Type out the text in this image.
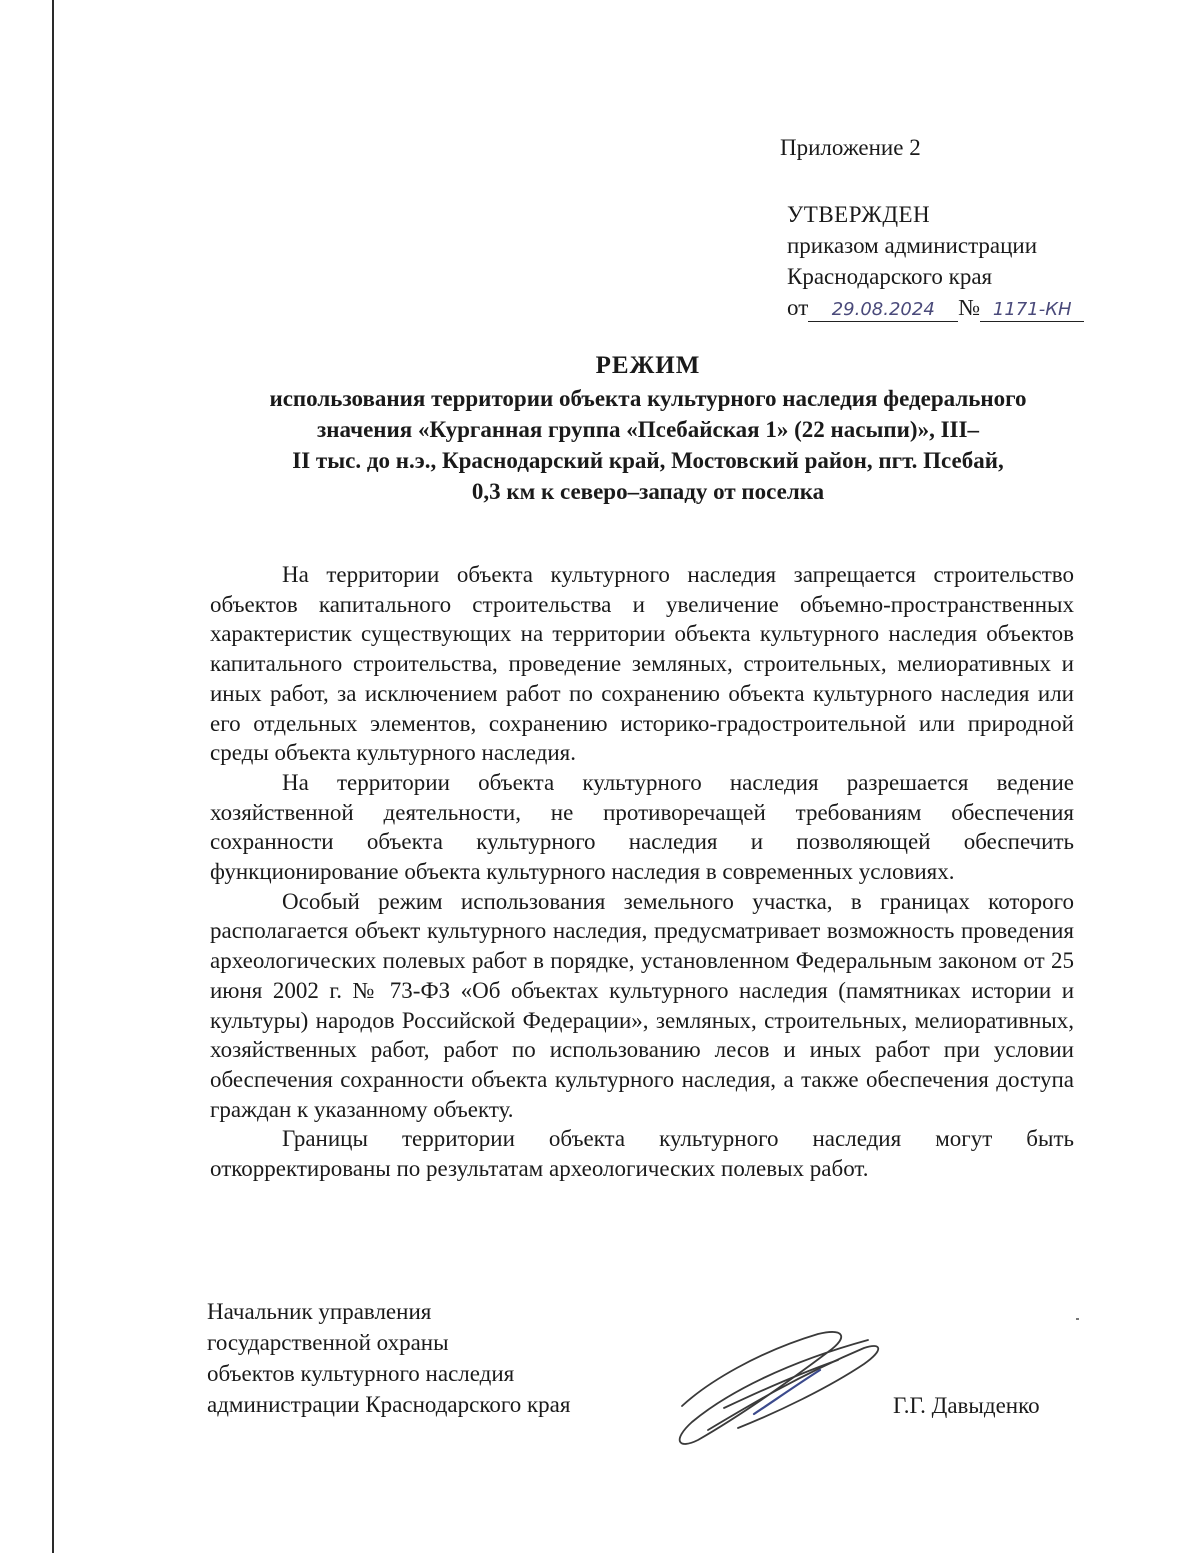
Приложение 2
УТВЕРЖДЕН
приказом администрации
Краснодарского края
от 29.08.2024 № 1171-КН
РЕЖИМ
использования территории объекта культурного наследия федерального
значения «Курганная группа «Псебайская 1» (22 насыпи)», III–
II тыс. до н.э., Краснодарский край, Мостовский район, пгт. Псебай,
0,3 км к северо–западу от поселка

На территории объекта культурного наследия запрещается строительство объектов капитального строительства и увеличение объемно-пространственных характеристик существующих на территории объекта культурного наследия объектов капитального строительства, проведение земляных, строительных, мелиоративных и иных работ, за исключением работ по сохранению объекта культурного наследия или его отдельных элементов, сохранению историко-градостроительной или природной среды объекта культурного наследия.

На территории объекта культурного наследия разрешается ведение хозяйственной деятельности, не противоречащей требованиям обеспечения сохранности объекта культурного наследия и позволяющей обеспечить функционирование объекта культурного наследия в современных условиях.

Особый режим использования земельного участка, в границах которого располагается объект культурного наследия, предусматривает возможность проведения археологических полевых работ в порядке, установленном Федеральным законом от 25 июня 2002 г. № 73-ФЗ «Об объектах культурного наследия (памятниках истории и культуры) народов Российской Федерации», земляных, строительных, мелиоративных, хозяйственных работ, работ по использованию лесов и иных работ при условии обеспечения сохранности объекта культурного наследия, а также обеспечения доступа граждан к указанному объекту.

Границы территории объекта культурного наследия могут быть откорректированы по результатам археологических полевых работ.

Начальник управления
государственной охраны
объектов культурного наследия
администрации Краснодарского края	Г.Г. Давыденко
